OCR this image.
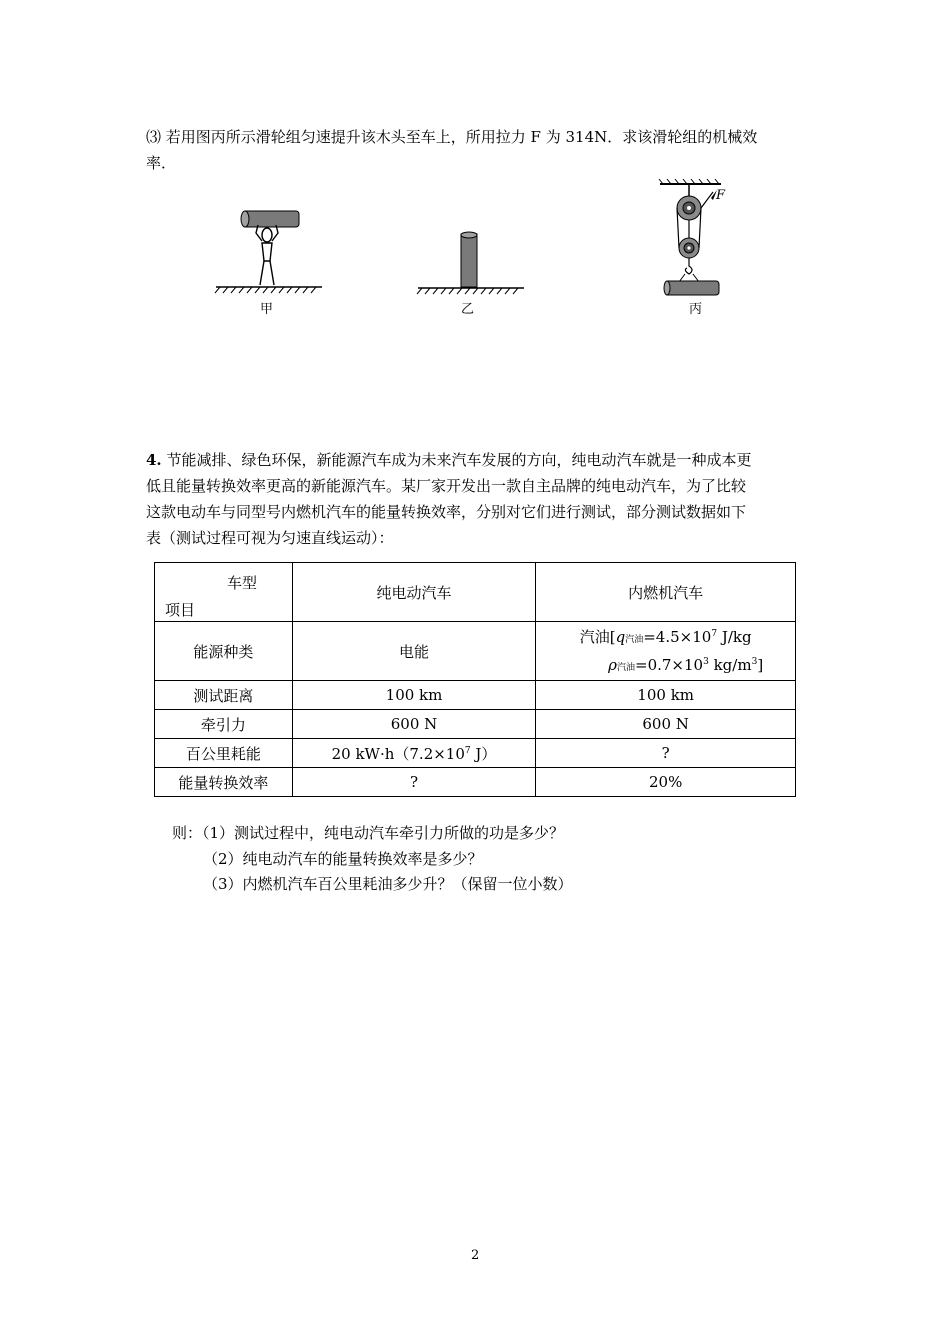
⑶ 若用图丙所示滑轮组匀速提升该木头至车上，所用拉力 F 为 314N．求该滑轮组的机械效
率．
甲	乙
F
丙
4. 节能减排、绿色环保，新能源汽车成为未来汽车发展的方向，纯电动汽车就是一种成本更
低且能量转换效率更高的新能源汽车。某厂家开发出一款自主品牌的纯电动汽车，为了比较
这款电动车与同型号内燃机汽车的能量转换效率，分别对它们进行测试，部分测试数据如下
表（测试过程可视为匀速直线运动）：
车型
项目	纯电动汽车	内燃机汽车
能源种类	电能	汽油[q汽油$=4.5\times 10^7$ J/kg
ρ汽油$=0.7\times 10^3$ $kg/m^3$]

测试距离	100 km	100 km
牵引力	600 N	600 N
百公里耗能	20 $kW\cdot h(7.2\times 10^7$ J）	?
能量转换效率	?	20%
则：（1）测试过程中，纯电动汽车牵引力所做的功是多少？
（2）纯电动汽车的能量转换效率是多少？
（3）内燃机汽车百公里耗油多少升？（保留一位小数）
2
